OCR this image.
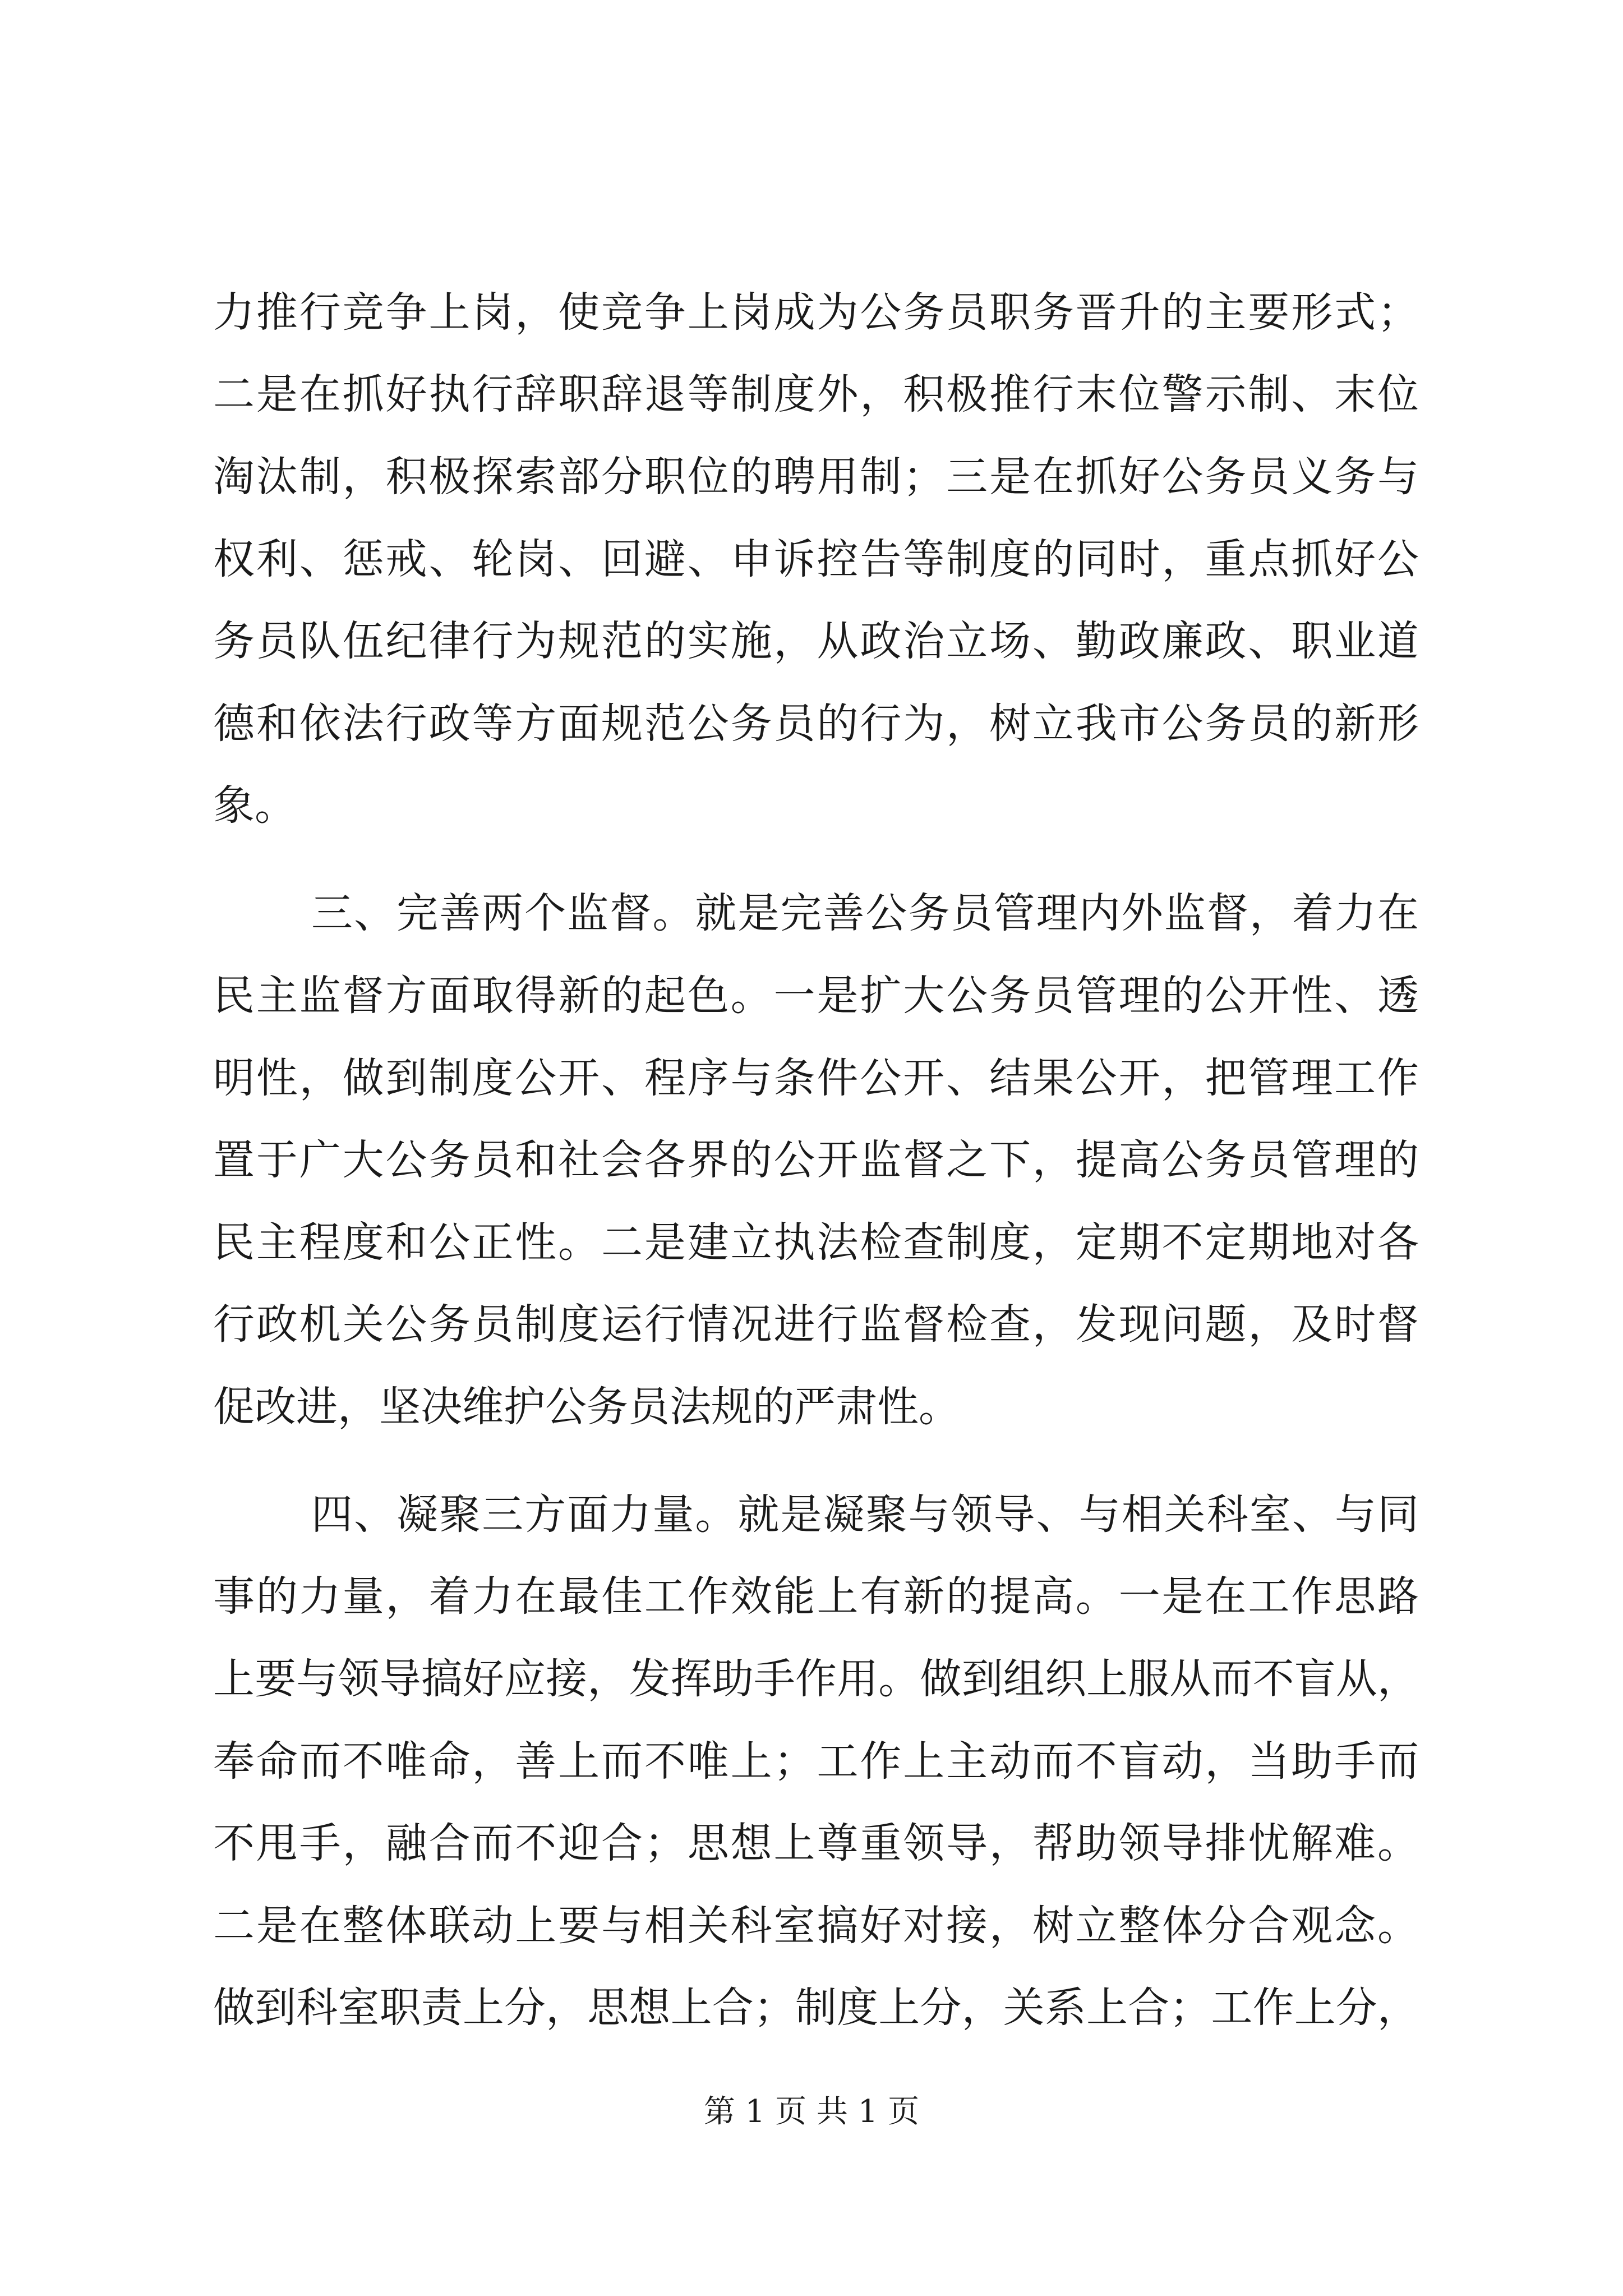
力推行竞争上岗，使竞争上岗成为公务员职务晋升的主要形式；
二是在抓好执行辞职辞退等制度外，积极推行末位警示制、末位
淘汰制，积极探索部分职位的聘用制；三是在抓好公务员义务与
权利、惩戒、轮岗、回避、申诉控告等制度的同时，重点抓好公
务员队伍纪律行为规范的实施，从政治立场、勤政廉政、职业道
德和依法行政等方面规范公务员的行为，树立我市公务员的新形
象。
三、完善两个监督。就是完善公务员管理内外监督，着力在
民主监督方面取得新的起色。一是扩大公务员管理的公开性、透
明性，做到制度公开、程序与条件公开、结果公开，把管理工作
置于广大公务员和社会各界的公开监督之下，提高公务员管理的
民主程度和公正性。二是建立执法检查制度，定期不定期地对各
行政机关公务员制度运行情况进行监督检查，发现问题，及时督
促改进，坚决维护公务员法规的严肃性。
四、凝聚三方面力量。就是凝聚与领导、与相关科室、与同
事的力量，着力在最佳工作效能上有新的提高。一是在工作思路
上要与领导搞好应接，发挥助手作用。做到组织上服从而不盲从，
奉命而不唯命，善上而不唯上；工作上主动而不盲动，当助手而
不甩手，融合而不迎合；思想上尊重领导，帮助领导排忧解难。
二是在整体联动上要与相关科室搞好对接，树立整体分合观念。
做到科室职责上分，思想上合；制度上分，关系上合；工作上分，
第 1 页 共 1 页
